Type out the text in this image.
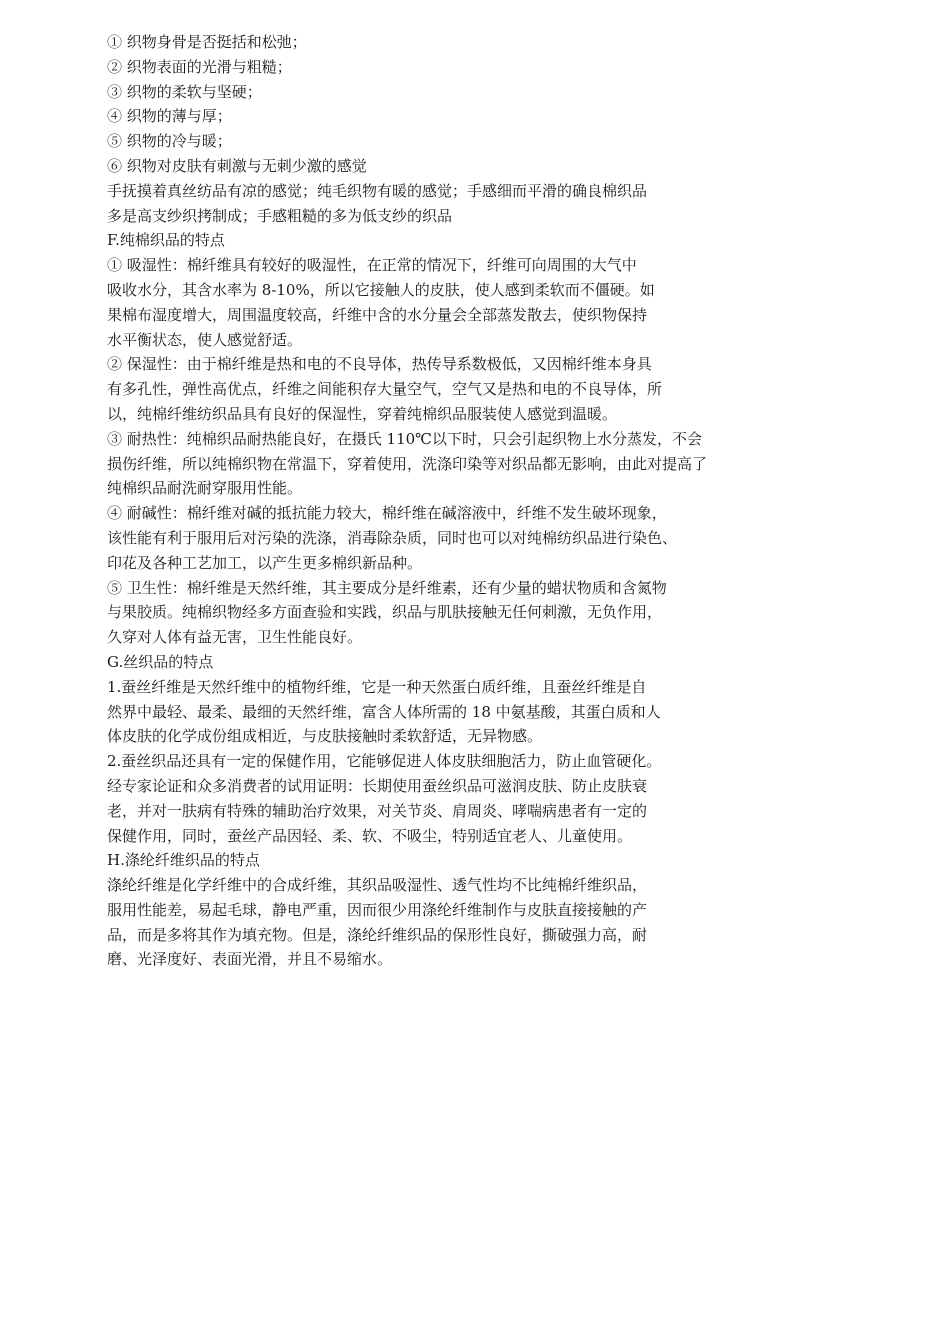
① 织物身骨是否挺括和松弛；
② 织物表面的光滑与粗糙；
③ 织物的柔软与坚硬；
④ 织物的薄与厚；
⑤ 织物的冷与暖；
⑥ 织物对皮肤有刺激与无刺少激的感觉
手抚摸着真丝纺品有凉的感觉；纯毛织物有暖的感觉；手感细而平滑的确良棉织品
多是高支纱织拷制成；手感粗糙的多为低支纱的织品
F.纯棉织品的特点
① 吸湿性：棉纤维具有较好的吸湿性，在正常的情况下，纤维可向周围的大气中
吸收水分，其含水率为 8-10%，所以它接触人的皮肤，使人感到柔软而不僵硬。如
果棉布湿度增大，周围温度较高，纤维中含的水分量会全部蒸发散去，使织物保持
水平衡状态，使人感觉舒适。
② 保湿性：由于棉纤维是热和电的不良导体，热传导系数极低，又因棉纤维本身具
有多孔性，弹性高优点，纤维之间能积存大量空气，空气又是热和电的不良导体，所
以，纯棉纤维纺织品具有良好的保湿性，穿着纯棉织品服装使人感觉到温暖。
③ 耐热性：纯棉织品耐热能良好，在摄氏 110℃以下时，只会引起织物上水分蒸发，不会
损伤纤维，所以纯棉织物在常温下，穿着使用，洗涤印染等对织品都无影响，由此对提高了
纯棉织品耐洗耐穿服用性能。
④ 耐碱性：棉纤维对碱的抵抗能力较大，棉纤维在碱溶液中，纤维不发生破坏现象，
该性能有利于服用后对污染的洗涤，消毒除杂质，同时也可以对纯棉纺织品进行染色、
印花及各种工艺加工，以产生更多棉织新品种。
⑤ 卫生性：棉纤维是天然纤维，其主要成分是纤维素，还有少量的蜡状物质和含氮物
与果胶质。纯棉织物经多方面查验和实践，织品与肌肤接触无任何刺激，无负作用，
久穿对人体有益无害，卫生性能良好。
G.丝织品的特点
1.蚕丝纤维是天然纤维中的植物纤维，它是一种天然蛋白质纤维，且蚕丝纤维是自
然界中最轻、最柔、最细的天然纤维，富含人体所需的 18 中氨基酸，其蛋白质和人
体皮肤的化学成份组成相近，与皮肤接触时柔软舒适，无异物感。
2.蚕丝织品还具有一定的保健作用，它能够促进人体皮肤细胞活力，防止血管硬化。
经专家论证和众多消费者的试用证明：长期使用蚕丝织品可滋润皮肤、防止皮肤衰
老，并对一肤病有特殊的辅助治疗效果，对关节炎、肩周炎、哮喘病患者有一定的
保健作用，同时，蚕丝产品因轻、柔、软、不吸尘，特别适宜老人、儿童使用。
H.涤纶纤维织品的特点
涤纶纤维是化学纤维中的合成纤维，其织品吸湿性、透气性均不比纯棉纤维织品，
服用性能差，易起毛球，静电严重，因而很少用涤纶纤维制作与皮肤直接接触的产
品，而是多将其作为填充物。但是，涤纶纤维织品的保形性良好，撕破强力高，耐
磨、光泽度好、表面光滑，并且不易缩水。
